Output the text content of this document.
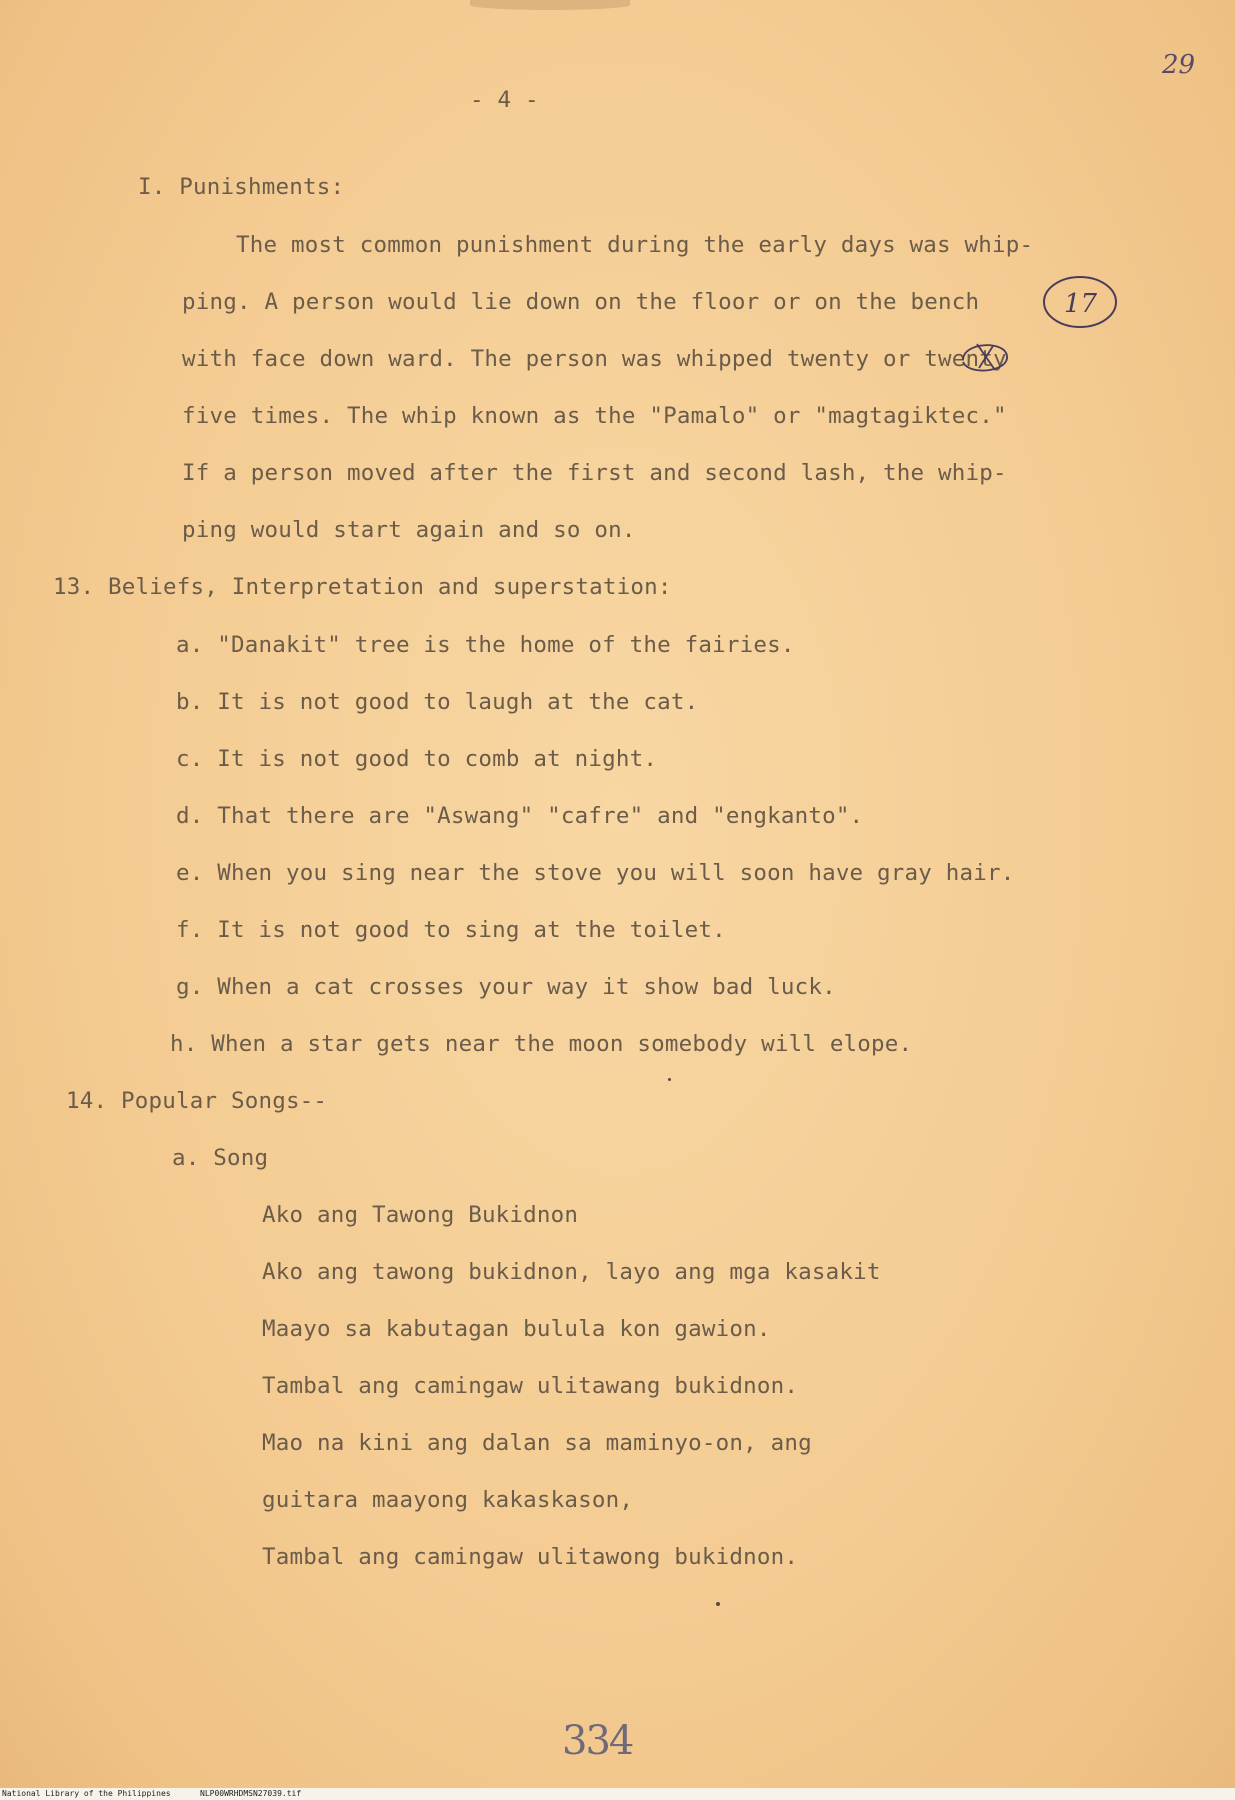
29
- 4 -
I. Punishments:
The most common punishment during the early days was whip-
ping. A person would lie down on the floor or on the bench
with face down ward. The person was whipped twenty or twenty
five times. The whip known as the "Pamalo" or "magtagiktec."
If a person moved after the first and second lash, the whip-
ping would start again and so on.
17
13. Beliefs, Interpretation and superstation:
a. "Danakit" tree is the home of the fairies.
b. It is not good to laugh at the cat.
c. It is not good to comb at night.
d. That there are "Aswang" "cafre" and "engkanto".
e. When you sing near the stove you will soon have gray hair.
f. It is not good to sing at the toilet.
g. When a cat crosses your way it show bad luck.
h. When a star gets near the moon somebody will elope.
14. Popular Songs--
a. Song
Ako ang Tawong Bukidnon
Ako ang tawong bukidnon, layo ang mga kasakit
Maayo sa kabutagan bulula kon gawion.
Tambal ang camingaw ulitawang bukidnon.
Mao na kini ang dalan sa maminyo-on, ang
guitara maayong kakaskason,
Tambal ang camingaw ulitawong bukidnon.
334
National Library of the Philippines	NLP00WRHDMSN27039.tif
